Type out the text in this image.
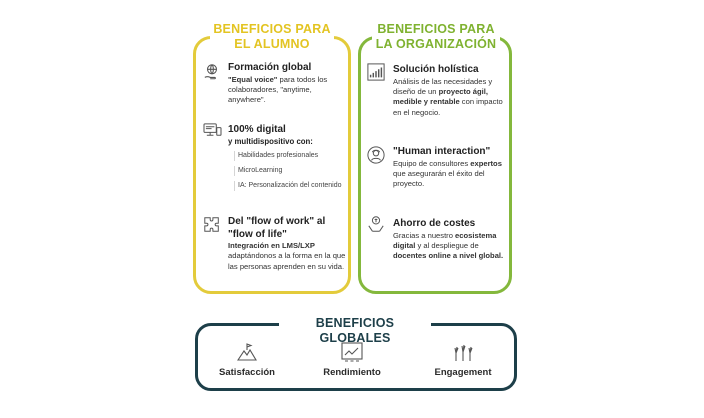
BENEFICIOS PARA
EL ALUMNO
BENEFICIOS PARA
LA ORGANIZACIÓN
BENEFICIOS GLOBALES
Formación global
"Equal voice" para todos los colaboradores, "anytime, anywhere".
100% digital
y multidispositivo con:
Habilidades profesionales
MicroLearning
IA: Personalización del contenido
Del "flow of work" al "flow of life"
Integración en LMS/LXP adaptándonos a la forma en la que las personas aprenden en su vida.
Solución holística
Análisis de las necesidades y diseño de un proyecto ágil, medible y rentable con impacto en el negocio.
"Human interaction"
Equipo de consultores expertos que asegurarán el éxito del proyecto.
Ahorro de costes
Gracias a nuestro ecosistema digital y al despliegue de docentes online a nivel global.
Satisfacción	Rendimiento	Engagement
